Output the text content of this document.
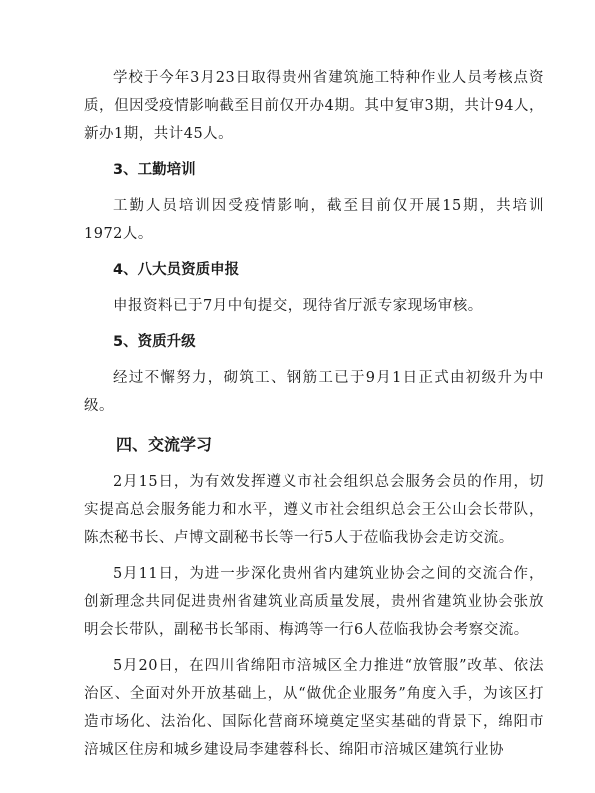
学校于今年3月23日取得贵州省建筑施工特种作业人员考核点资质，但因受疫情影响截至目前仅开办4期。其中复审3期，共计94人，新办1期，共计45人。

3、工勤培训

工勤人员培训因受疫情影响，截至目前仅开展15期，共培训1972人。

4、八大员资质申报

申报资料已于7月中旬提交，现待省厅派专家现场审核。

5、资质升级

经过不懈努力，砌筑工、钢筋工已于9月1日正式由初级升为中级。

四、交流学习

2月15日，为有效发挥遵义市社会组织总会服务会员的作用，切实提高总会服务能力和水平，遵义市社会组织总会王公山会长带队，陈杰秘书长、卢博文副秘书长等一行5人于莅临我协会走访交流。

5月11日，为进一步深化贵州省内建筑业协会之间的交流合作，创新理念共同促进贵州省建筑业高质量发展，贵州省建筑业协会张放明会长带队，副秘书长邹雨、梅鸿等一行6人莅临我协会考察交流。

5月20日，在四川省绵阳市涪城区全力推进“放管服”改革、依法治区、全面对外开放基础上，从“做优企业服务”角度入手，为该区打造市场化、法治化、国际化营商环境奠定坚实基础的背景下，绵阳市涪城区住房和城乡建设局李建蓉科长、绵阳市涪城区建筑行业协
